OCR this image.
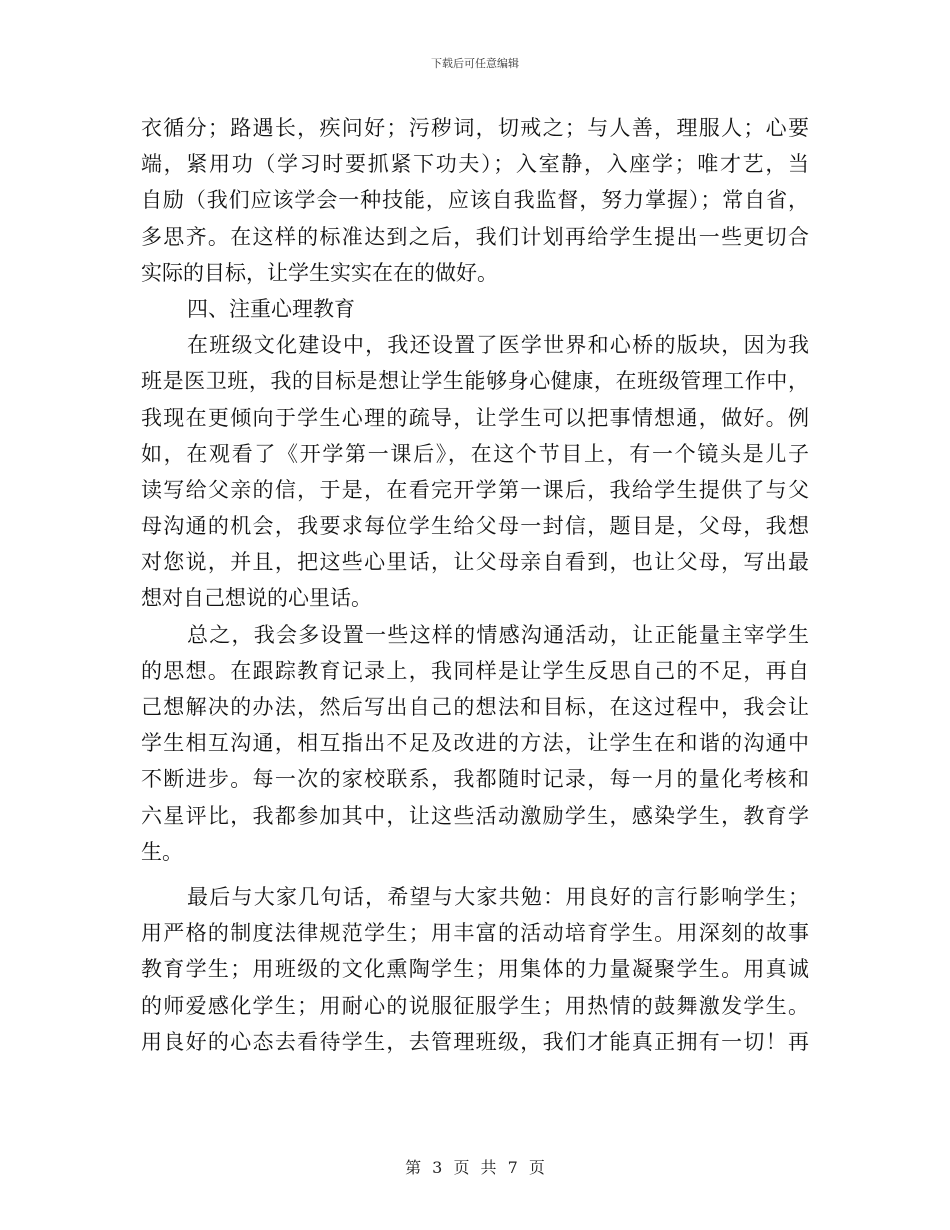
下载后可任意编辑
衣循分；路遇长，疾问好；污秽词，切戒之；与人善，理服人；心要
端，紧用功（学习时要抓紧下功夫）；入室静，入座学；唯才艺，当
自励（我们应该学会一种技能，应该自我监督，努力掌握）；常自省，
多思齐。在这样的标准达到之后，我们计划再给学生提出一些更切合
实际的目标，让学生实实在在的做好。
四、注重心理教育
在班级文化建设中，我还设置了医学世界和心桥的版块，因为我
班是医卫班，我的目标是想让学生能够身心健康，在班级管理工作中，
我现在更倾向于学生心理的疏导，让学生可以把事情想通，做好。例
如，在观看了《开学第一课后》，在这个节目上，有一个镜头是儿子
读写给父亲的信，于是，在看完开学第一课后，我给学生提供了与父
母沟通的机会，我要求每位学生给父母一封信，题目是，父母，我想
对您说，并且，把这些心里话，让父母亲自看到，也让父母，写出最
想对自己想说的心里话。
总之，我会多设置一些这样的情感沟通活动，让正能量主宰学生
的思想。在跟踪教育记录上，我同样是让学生反思自己的不足，再自
己想解决的办法，然后写出自己的想法和目标，在这过程中，我会让
学生相互沟通，相互指出不足及改进的方法，让学生在和谐的沟通中
不断进步。每一次的家校联系，我都随时记录，每一月的量化考核和
六星评比，我都参加其中，让这些活动激励学生，感染学生，教育学
生。
最后与大家几句话，希望与大家共勉：用良好的言行影响学生；
用严格的制度法律规范学生；用丰富的活动培育学生。用深刻的故事
教育学生；用班级的文化熏陶学生；用集体的力量凝聚学生。用真诚
的师爱感化学生；用耐心的说服征服学生；用热情的鼓舞激发学生。
用良好的心态去看待学生，去管理班级，我们才能真正拥有一切！再
第 3 页 共 7 页
